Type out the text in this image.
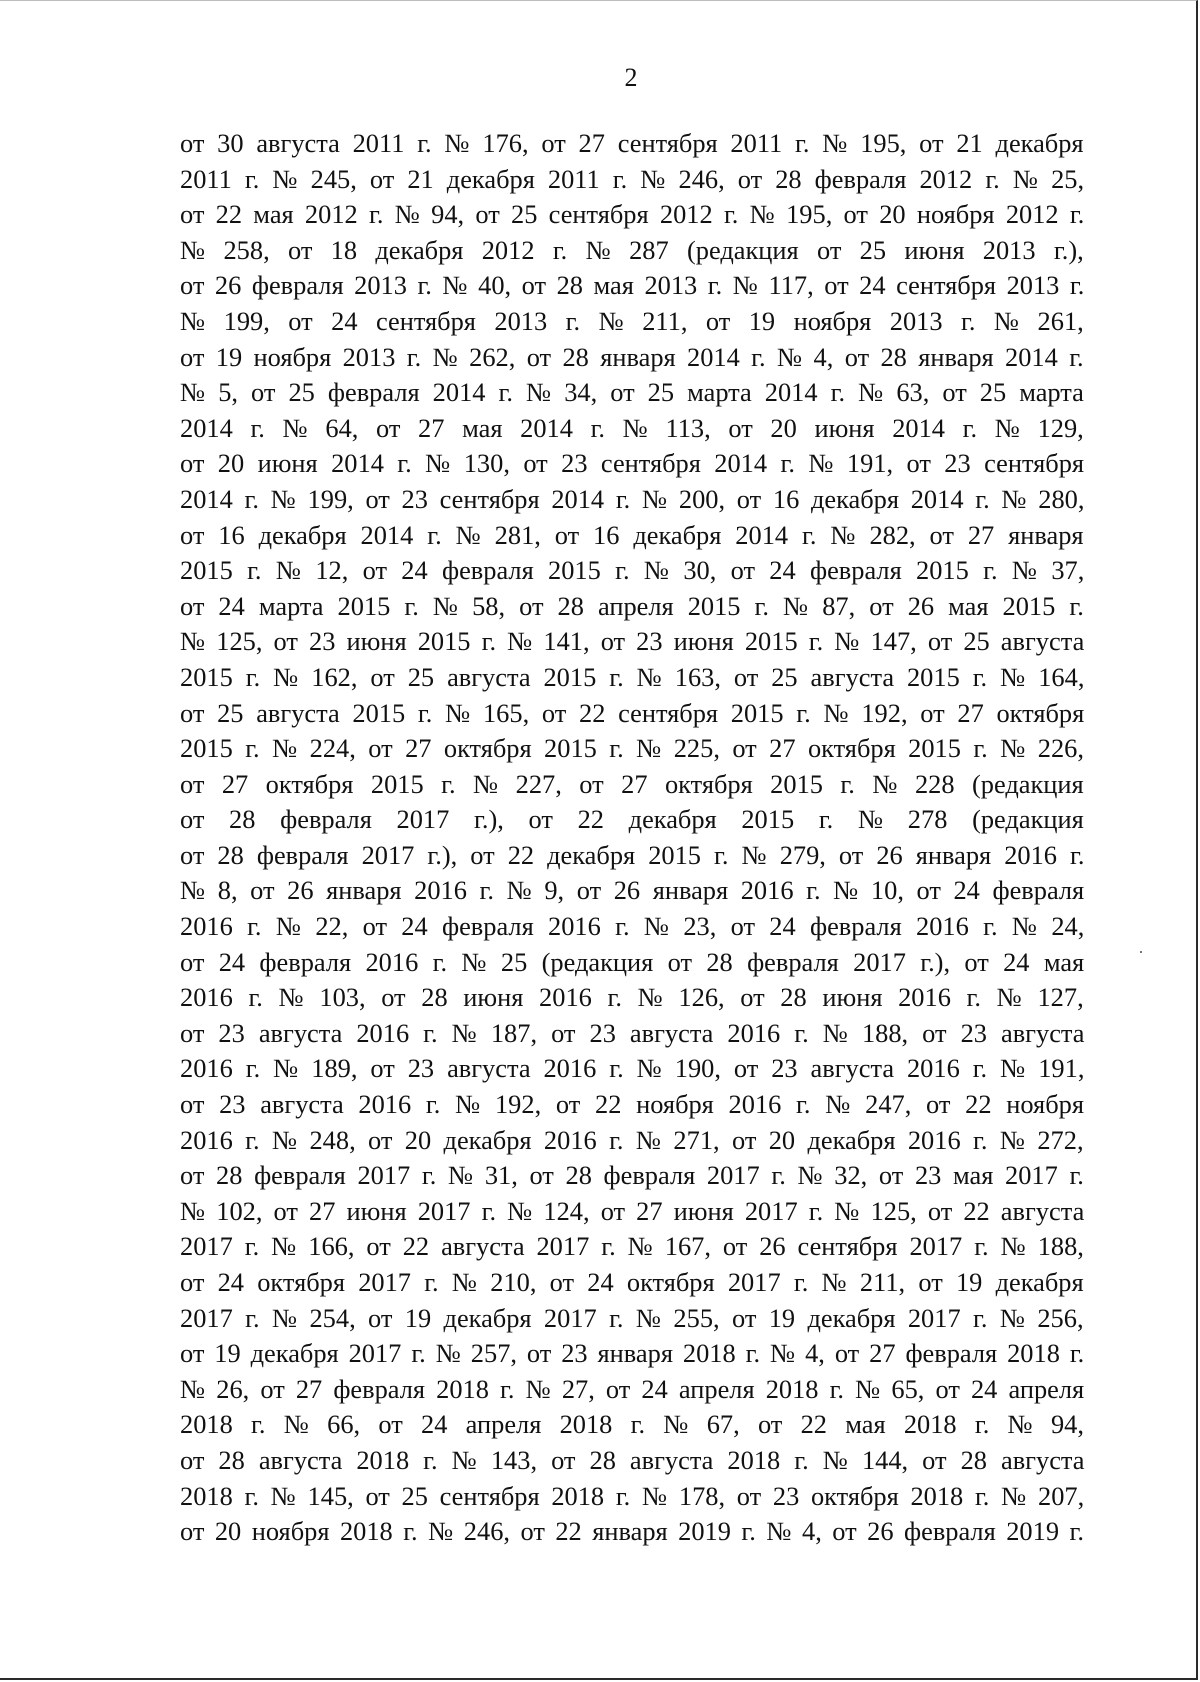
2
от 30 августа 2011 г. № 176, от 27 сентября 2011 г. № 195, от 21 декабря
2011 г. № 245, от 21 декабря 2011 г. № 246, от 28 февраля 2012 г. № 25,
от 22 мая 2012 г. № 94, от 25 сентября 2012 г. № 195, от 20 ноября 2012 г.
№ 258, от 18 декабря 2012 г. № 287 (редакция от 25 июня 2013 г.),
от 26 февраля 2013 г. № 40, от 28 мая 2013 г. № 117, от 24 сентября 2013 г.
№ 199, от 24 сентября 2013 г. № 211, от 19 ноября 2013 г. № 261,
от 19 ноября 2013 г. № 262, от 28 января 2014 г. № 4, от 28 января 2014 г.
№ 5, от 25 февраля 2014 г. № 34, от 25 марта 2014 г. № 63, от 25 марта
2014 г. № 64, от 27 мая 2014 г. № 113, от 20 июня 2014 г. № 129,
от 20 июня 2014 г. № 130, от 23 сентября 2014 г. № 191, от 23 сентября
2014 г. № 199, от 23 сентября 2014 г. № 200, от 16 декабря 2014 г. № 280,
от 16 декабря 2014 г. № 281, от 16 декабря 2014 г. № 282, от 27 января
2015 г. № 12, от 24 февраля 2015 г. № 30, от 24 февраля 2015 г. № 37,
от 24 марта 2015 г. № 58, от 28 апреля 2015 г. № 87, от 26 мая 2015 г.
№ 125, от 23 июня 2015 г. № 141, от 23 июня 2015 г. № 147, от 25 августа
2015 г. № 162, от 25 августа 2015 г. № 163, от 25 августа 2015 г. № 164,
от 25 августа 2015 г. № 165, от 22 сентября 2015 г. № 192, от 27 октября
2015 г. № 224, от 27 октября 2015 г. № 225, от 27 октября 2015 г. № 226,
от 27 октября 2015 г. № 227, от 27 октября 2015 г. № 228 (редакция
от 28 февраля 2017 г.), от 22 декабря 2015 г. № 278 (редакция
от 28 февраля 2017 г.), от 22 декабря 2015 г. № 279, от 26 января 2016 г.
№ 8, от 26 января 2016 г. № 9, от 26 января 2016 г. № 10, от 24 февраля
2016 г. № 22, от 24 февраля 2016 г. № 23, от 24 февраля 2016 г. № 24,
от 24 февраля 2016 г. № 25 (редакция от 28 февраля 2017 г.), от 24 мая
2016 г. № 103, от 28 июня 2016 г. № 126, от 28 июня 2016 г. № 127,
от 23 августа 2016 г. № 187, от 23 августа 2016 г. № 188, от 23 августа
2016 г. № 189, от 23 августа 2016 г. № 190, от 23 августа 2016 г. № 191,
от 23 августа 2016 г. № 192, от 22 ноября 2016 г. № 247, от 22 ноября
2016 г. № 248, от 20 декабря 2016 г. № 271, от 20 декабря 2016 г. № 272,
от 28 февраля 2017 г. № 31, от 28 февраля 2017 г. № 32, от 23 мая 2017 г.
№ 102, от 27 июня 2017 г. № 124, от 27 июня 2017 г. № 125, от 22 августа
2017 г. № 166, от 22 августа 2017 г. № 167, от 26 сентября 2017 г. № 188,
от 24 октября 2017 г. № 210, от 24 октября 2017 г. № 211, от 19 декабря
2017 г. № 254, от 19 декабря 2017 г. № 255, от 19 декабря 2017 г. № 256,
от 19 декабря 2017 г. № 257, от 23 января 2018 г. № 4, от 27 февраля 2018 г.
№ 26, от 27 февраля 2018 г. № 27, от 24 апреля 2018 г. № 65, от 24 апреля
2018 г. № 66, от 24 апреля 2018 г. № 67, от 22 мая 2018 г. № 94,
от 28 августа 2018 г. № 143, от 28 августа 2018 г. № 144, от 28 августа
2018 г. № 145, от 25 сентября 2018 г. № 178, от 23 октября 2018 г. № 207,
от 20 ноября 2018 г. № 246, от 22 января 2019 г. № 4, от 26 февраля 2019 г.
